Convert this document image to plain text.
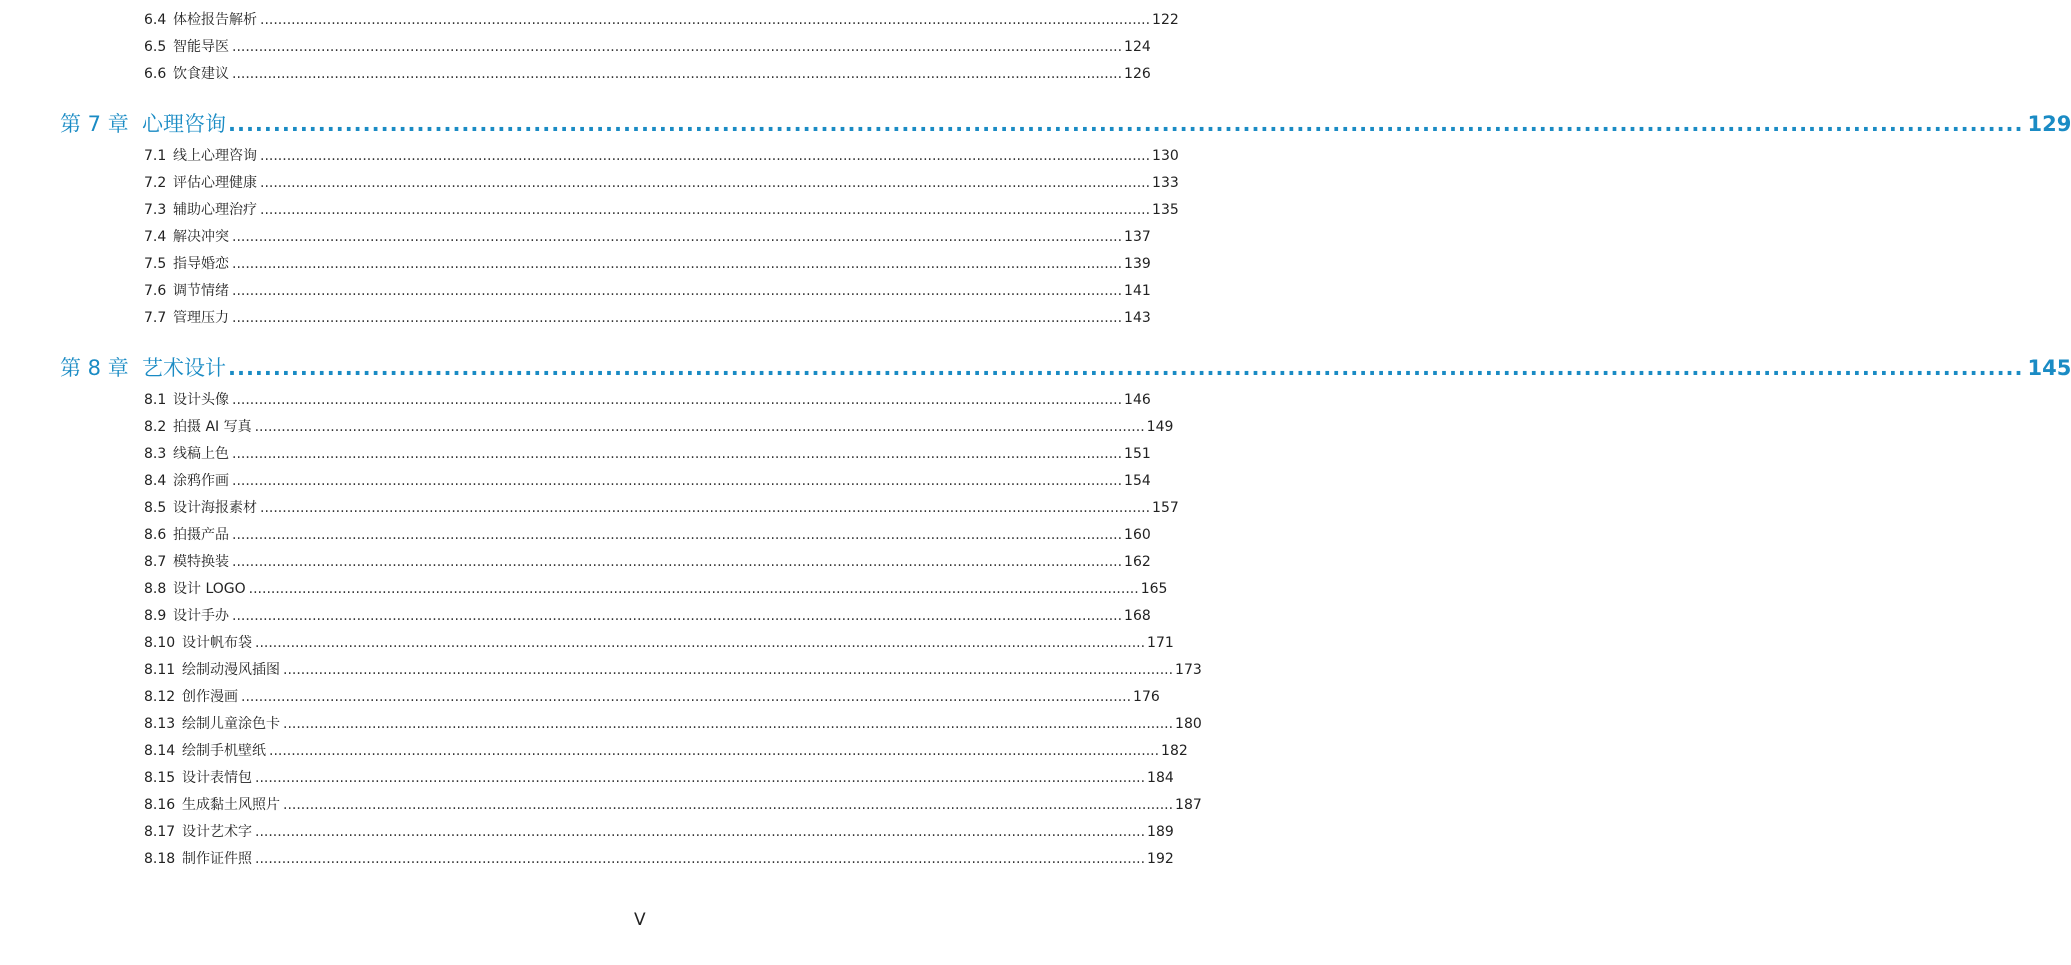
6.4 体检报告解析 ........................................................................................................................................................................................................ 122
6.5 智能导医 ........................................................................................................................................................................................................ 124
6.6 饮食建议 ........................................................................................................................................................................................................ 126
第 7 章 心理咨询 ........................................................................................................................................................................................................ 129
7.1 线上心理咨询 ........................................................................................................................................................................................................ 130
7.2 评估心理健康 ........................................................................................................................................................................................................ 133
7.3 辅助心理治疗 ........................................................................................................................................................................................................ 135
7.4 解决冲突 ........................................................................................................................................................................................................ 137
7.5 指导婚恋 ........................................................................................................................................................................................................ 139
7.6 调节情绪 ........................................................................................................................................................................................................ 141
7.7 管理压力 ........................................................................................................................................................................................................ 143
第 8 章 艺术设计 ........................................................................................................................................................................................................ 145
8.1 设计头像 ........................................................................................................................................................................................................ 146
8.2 拍摄 AI 写真 ........................................................................................................................................................................................................ 149
8.3 线稿上色 ........................................................................................................................................................................................................ 151
8.4 涂鸦作画 ........................................................................................................................................................................................................ 154
8.5 设计海报素材 ........................................................................................................................................................................................................ 157
8.6 拍摄产品 ........................................................................................................................................................................................................ 160
8.7 模特换装 ........................................................................................................................................................................................................ 162
8.8 设计 LOGO ........................................................................................................................................................................................................ 165
8.9 设计手办 ........................................................................................................................................................................................................ 168
8.10 设计帆布袋 ........................................................................................................................................................................................................ 171
8.11 绘制动漫风插图 ........................................................................................................................................................................................................ 173
8.12 创作漫画 ........................................................................................................................................................................................................ 176
8.13 绘制儿童涂色卡 ........................................................................................................................................................................................................ 180
8.14 绘制手机壁纸 ........................................................................................................................................................................................................ 182
8.15 设计表情包 ........................................................................................................................................................................................................ 184
8.16 生成黏土风照片 ........................................................................................................................................................................................................ 187
8.17 设计艺术字 ........................................................................................................................................................................................................ 189
8.18 制作证件照 ........................................................................................................................................................................................................ 192
V
